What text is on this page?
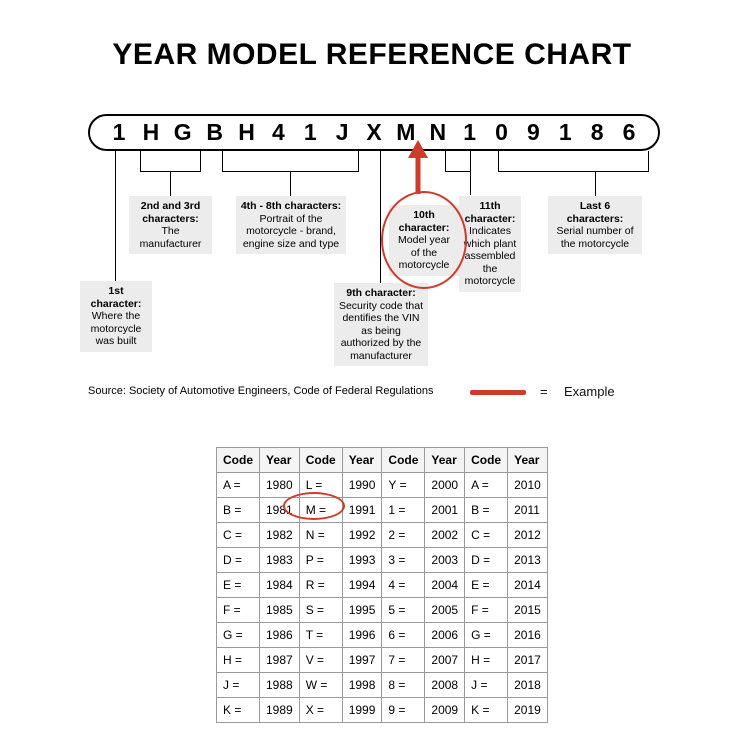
YEAR MODEL REFERENCE CHART
1 H G B H 4 1 J X M N 1 0 9 1 8 6
1st character:
Where the motorcycle was built
2nd and 3rd characters:
The manufacturer
4th - 8th characters:
Portrait of the motorcycle - brand, engine size and type
9th character:
Security code that dentifies the VIN as being authorized by the manufacturer
10th character:
Model year of the motorcycle
11th character:
Indicates which plant assembled the motorcycle
Last 6 characters:
Serial number of the motorcycle
Source: Society of Automotive Engineers, Code of Federal Regulations	= Example
Code	Year	Code	Year	Code	Year	Code	Year
A =	1980	L =	1990	Y =	2000	A =	2010
B =	1981	M =	1991	1 =	2001	B =	2011
C =	1982	N =	1992	2 =	2002	C =	2012
D =	1983	P =	1993	3 =	2003	D =	2013
E =	1984	R =	1994	4 =	2004	E =	2014
F =	1985	S =	1995	5 =	2005	F =	2015
G =	1986	T =	1996	6 =	2006	G =	2016
H =	1987	V =	1997	7 =	2007	H =	2017
J =	1988	W =	1998	8 =	2008	J =	2018
K =	1989	X =	1999	9 =	2009	K =	2019
